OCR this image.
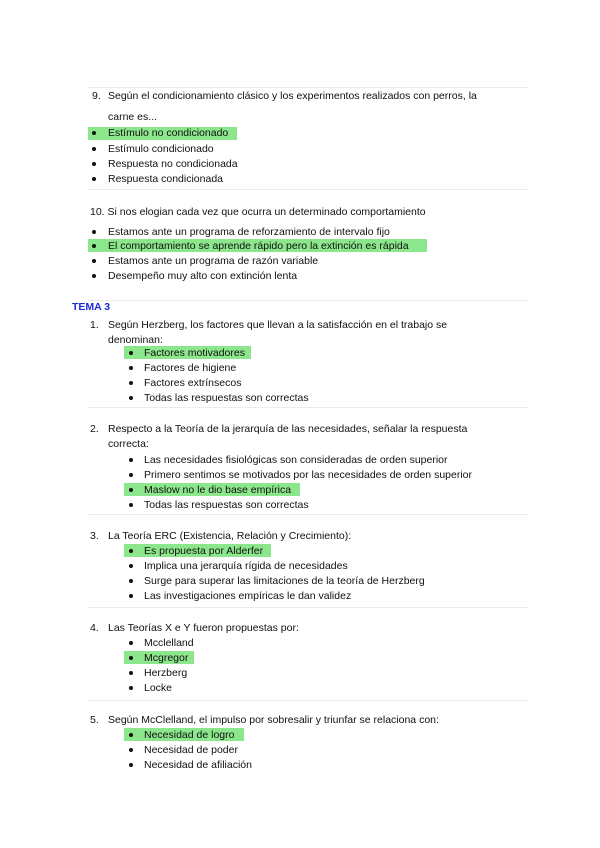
9. Según el condicionamiento clásico y los experimentos realizados con perros, la
carne es...
Estímulo no condicionado
Estímulo condicionado
Respuesta no condicionada
Respuesta condicionada
10. Si nos elogian cada vez que ocurra un determinado comportamiento
Estamos ante un programa de reforzamiento de intervalo fijo
El comportamiento se aprende rápido pero la extinción es rápida
Estamos ante un programa de razón variable
Desempeño muy alto con extinción lenta
TEMA 3
1. Según Herzberg, los factores que llevan a la satisfacción en el trabajo se
denominan:
Factores motivadores
Factores de higiene
Factores extrínsecos
Todas las respuestas son correctas
2. Respecto a la Teoría de la jerarquía de las necesidades, señalar la respuesta
correcta:
Las necesidades fisiológicas son consideradas de orden superior
Primero sentimos se motivados por las necesidades de orden superior
Maslow no le dio base empírica
Todas las respuestas son correctas
3. La Teoría ERC (Existencia, Relación y Crecimiento):
Es propuesta por Alderfer
Implica una jerarquía rígida de necesidades
Surge para superar las limitaciones de la teoría de Herzberg
Las investigaciones empíricas le dan validez
4. Las Teorías X e Y fueron propuestas por:
Mcclelland
Mcgregor
Herzberg
Locke
5. Según McClelland, el impulso por sobresalir y triunfar se relaciona con:
Necesidad de logro
Necesidad de poder
Necesidad de afiliación
